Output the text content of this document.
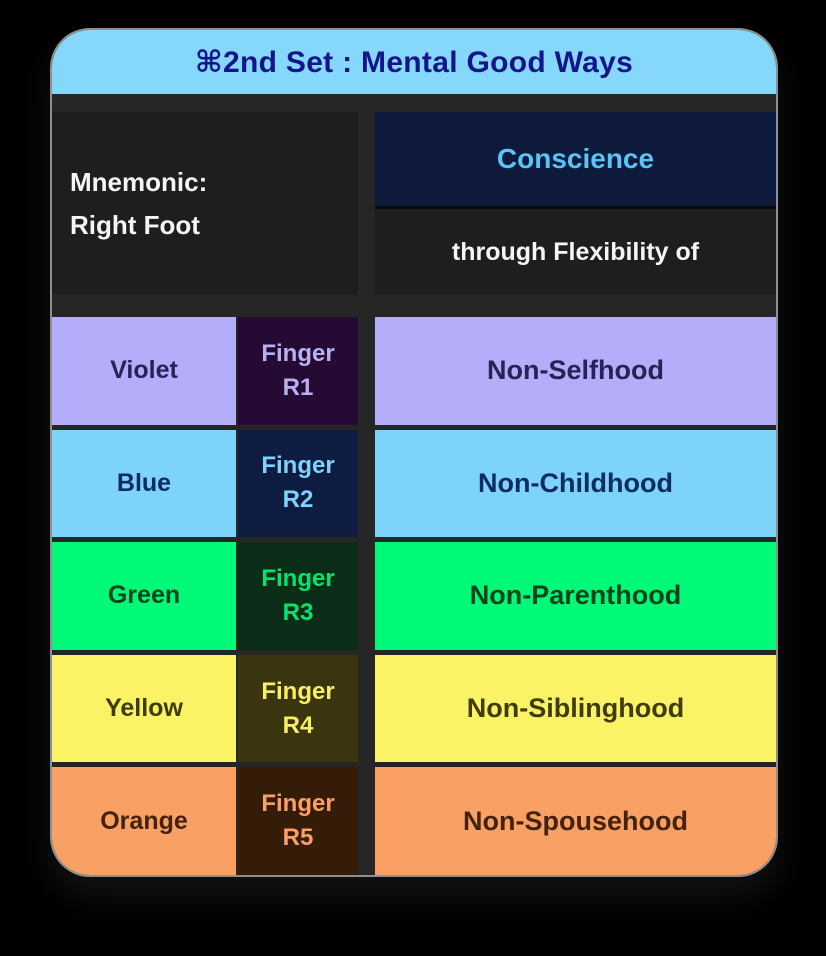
⌘2nd Set : Mental Good Ways
Mnemonic:
Right Foot
Conscience
through Flexibility of
Violet
Finger
R1
Non-Selfhood
Blue
Finger
R2
Non-Childhood
Green
Finger
R3
Non-Parenthood
Yellow
Finger
R4
Non-Siblinghood
Orange
Finger
R5
Non-Spousehood
